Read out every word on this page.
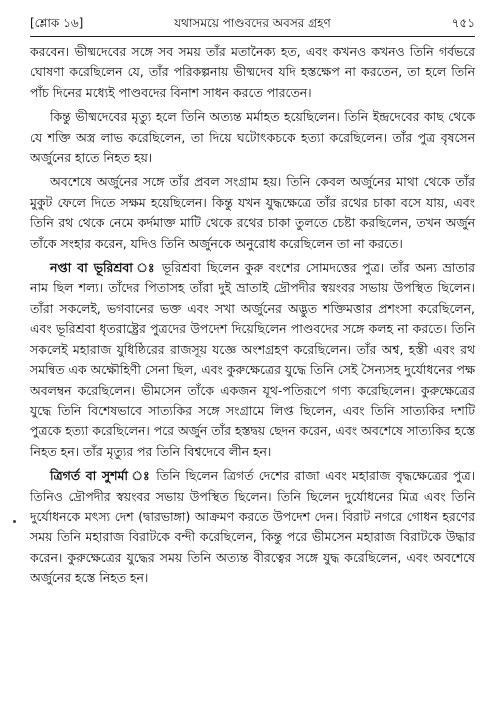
[শ্লোক ১৬]	যথাসময়ে পাণ্ডবদের অবসর গ্রহণ	৭৫১

করবেন। ভীষ্মদেবের সঙ্গে সব সময় তাঁর মতানৈক্য হত, এবং কখনও কখনও তিনি গর্বভরে ঘোষণা করেছিলেন যে, তাঁর পরিকল্পনায় ভীষ্মদেব যদি হস্তক্ষেপ না করতেন, তা হলে তিনি পাঁচ দিনের মধ্যেই পাণ্ডবদের বিনাশ সাধন করতে পারতেন।

কিন্তু ভীষ্মদেবের মৃত্যু হলে তিনি অত্যন্ত মর্মাহত হয়েছিলেন। তিনি ইন্দ্রদেবের কাছ থেকে যে শক্তি অস্ত্র লাভ করেছিলেন, তা দিয়ে ঘটোৎকচকে হত্যা করেছিলেন। তাঁর পুত্র বৃষসেন অর্জুনের হাতে নিহত হয়।

অবশেষে অর্জুনের সঙ্গে তাঁর প্রবল সংগ্রাম হয়। তিনি কেবল অর্জুনের মাথা থেকে তাঁর মুকুট ফেলে দিতে সক্ষম হয়েছিলেন। কিন্তু যখন যুদ্ধক্ষেত্রে তাঁর রথের চাকা বসে যায়, এবং তিনি রথ থেকে নেমে কর্দমাক্ত মাটি থেকে রথের চাকা তুলতে চেষ্টা করছিলেন, তখন অর্জুন তাঁকে সংহার করেন, যদিও তিনি অর্জুনকে অনুরোধ করেছিলেন তা না করতে।

নপ্তা বা ভূরিশ্রবা ঃ ভূরিশ্রবা ছিলেন কুরু বংশের সোমদত্তের পুত্র। তাঁর অন্য ভ্রাতার নাম ছিল শল্য। তাঁদের পিতাসহ তাঁরা দুই ভ্রাতাই দ্রৌপদীর স্বয়ংবর সভায় উপস্থিত ছিলেন। তাঁরা সকলেই, ভগবানের ভক্ত এবং সখা অর্জুনের অদ্ভুত শক্তিমত্তার প্রশংসা করেছিলেন, এবং ভূরিশ্রবা ধৃতরাষ্ট্রের পুত্রদের উপদেশ দিয়েছিলেন পাণ্ডবদের সঙ্গে কলহ না করতে। তিনি সকলেই মহারাজ যুধিষ্ঠিরের রাজসূয় যজ্ঞে অংশগ্রহণ করেছিলেন। তাঁর অশ্ব, হস্তী এবং রথ সমন্বিত এক অক্ষৌহিণী সেনা ছিল, এবং কুরুক্ষেত্রের যুদ্ধে তিনি সেই সৈন্যসহ দুর্যোধনের পক্ষ অবলম্বন করেছিলেন। ভীমসেন তাঁকে একজন যূথ-পতিরূপে গণ্য করেছিলেন। কুরুক্ষেত্রের যুদ্ধে তিনি বিশেষভাবে সাত্যকির সঙ্গে সংগ্রামে লিপ্ত ছিলেন, এবং তিনি সাত্যকির দশটি পুত্রকে হত্যা করেছিলেন। পরে অর্জুন তাঁর হস্তদ্বয় ছেদন করেন, এবং অবশেষে সাত্যকির হস্তে নিহত হন। তাঁর মৃত্যুর পর তিনি বিশ্বদেবে লীন হন।

ত্রিগর্ত বা সুশর্মা ঃ তিনি ছিলেন ত্রিগর্ত দেশের রাজা এবং মহারাজ বৃদ্ধক্ষেত্রের পুত্র। তিনিও দ্রৌপদীর স্বয়ংবর সভায় উপস্থিত ছিলেন। তিনি ছিলেন দুর্যোধনের মিত্র এবং তিনি দুর্যোধনকে মৎস্য দেশ (দ্বারভাঙ্গা) আক্রমণ করতে উপদেশ দেন। বিরাট নগরে গোধন হরণের সময় তিনি মহারাজ বিরাটকে বন্দী করেছিলেন, কিন্তু পরে ভীমসেন মহারাজ বিরাটকে উদ্ধার করেন। কুরুক্ষেত্রের যুদ্ধের সময় তিনি অত্যন্ত বীরত্বের সঙ্গে যুদ্ধ করেছিলেন, এবং অবশেষে অর্জুনের হস্তে নিহত হন।
